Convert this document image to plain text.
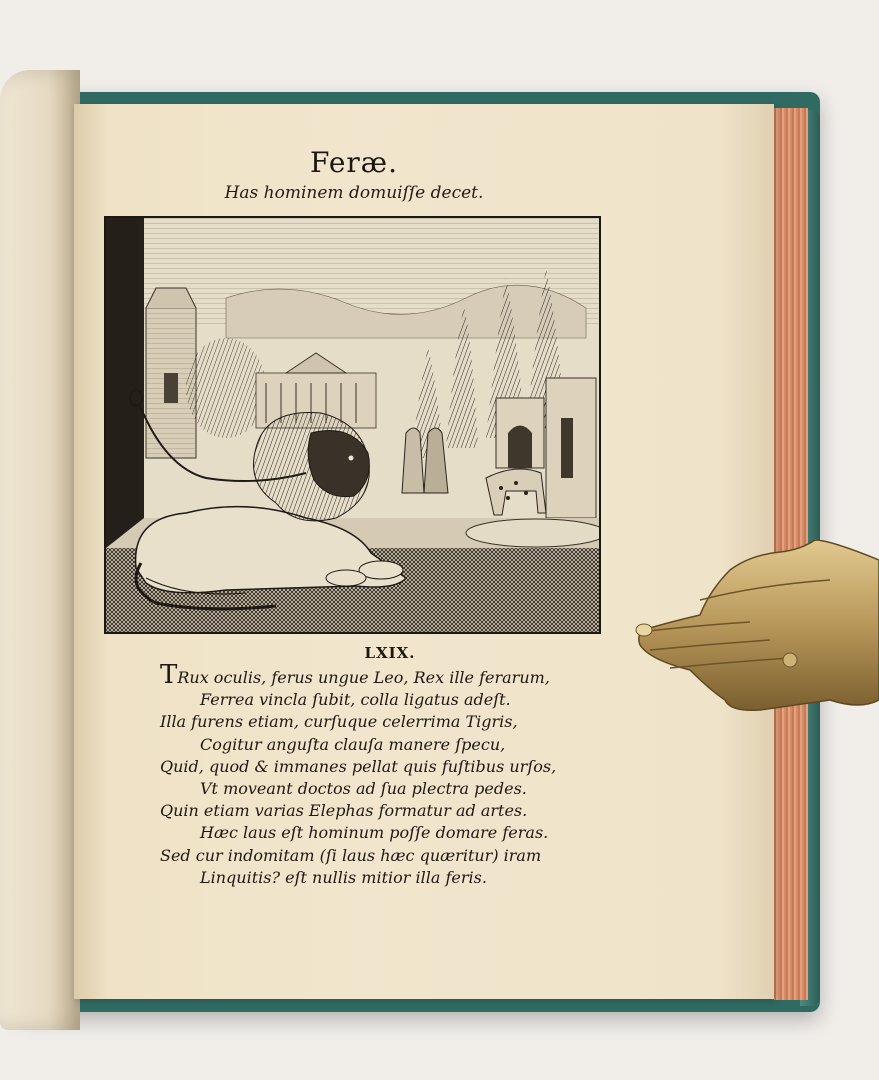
Feræ.
Has hominem domuiſſe decet.
LXIX.
TRux oculis, ferus ungue Leo, Rex ille ferarum,
Ferrea vincla ſubit, colla ligatus adeſt.
Illa furens etiam, curſuque celerrima Tigris,
Cogitur anguſta clauſa manere ſpecu,
Quid, quod & immanes pellat quis fuſtibus urſos,
Vt moveant doctos ad ſua plectra pedes.
Quin etiam varias Elephas formatur ad artes.
Hæc laus eſt hominum poſſe domare feras.
Sed cur indomitam (ſi laus hæc quæritur) iram
Linquitis? eſt nullis mitior illa feris.
